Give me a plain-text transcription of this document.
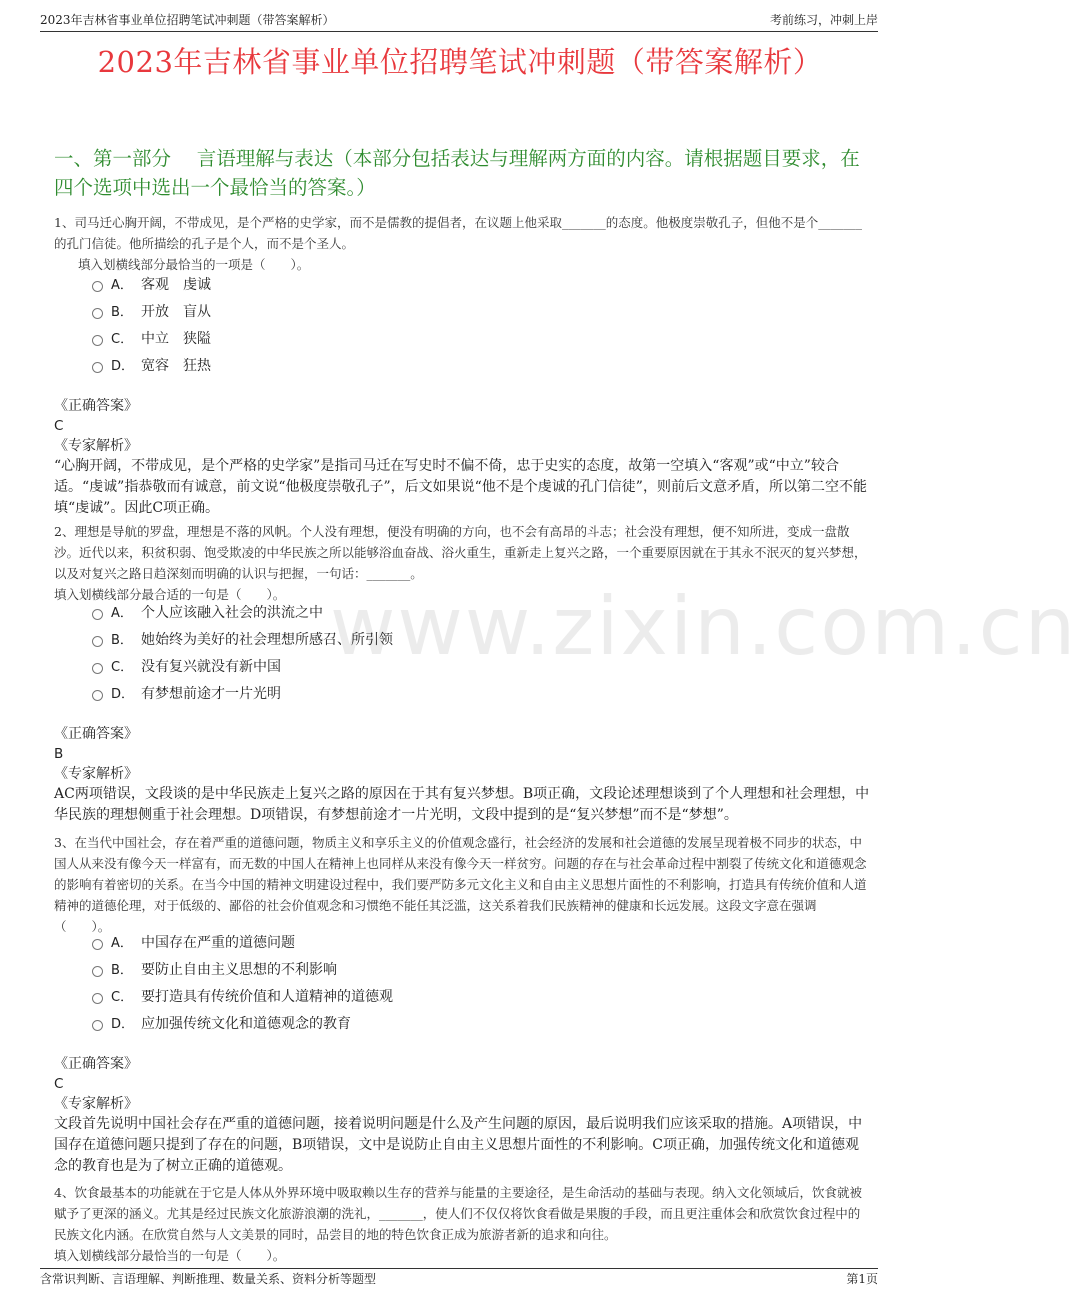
2023年吉林省事业单位招聘笔试冲刺题（带答案解析）	考前练习，冲刺上岸
2023年吉林省事业单位招聘笔试冲刺题（带答案解析）
一、第一部分　 言语理解与表达（本部分包括表达与理解两方面的内容。请根据题目要求，在四个选项中选出一个最恰当的答案。）
www.zixin.com.cn
1、司马迁心胸开阔，不带成见，是个严格的史学家，而不是儒教的提倡者，在议题上他采取_______的态度。他极度崇敬孔子，但他不是个_______的孔门信徒。他所描绘的孔子是个人，而不是个圣人。
填入划横线部分最恰当的一项是（　　）。
A． 客观　虔诚
B． 开放　盲从
C． 中立　狭隘
D． 宽容　狂热
《正确答案》
C
《专家解析》
“心胸开阔，不带成见，是个严格的史学家”是指司马迁在写史时不偏不倚，忠于史实的态度，故第一空填入“客观”或“中立”较合适。“虔诚”指恭敬而有诚意，前文说“他极度崇敬孔子”，后文如果说“他不是个虔诚的孔门信徒”，则前后文意矛盾，所以第二空不能填“虔诚”。因此C项正确。
2、理想是导航的罗盘，理想是不落的风帆。个人没有理想，便没有明确的方向，也不会有高昂的斗志；社会没有理想，便不知所进，变成一盘散沙。近代以来，积贫积弱、饱受欺凌的中华民族之所以能够浴血奋战、浴火重生，重新走上复兴之路，一个重要原因就在于其永不泯灭的复兴梦想，以及对复兴之路日趋深刻而明确的认识与把握，一句话：_______。
填入划横线部分最合适的一句是（　　）。
A． 个人应该融入社会的洪流之中
B． 她始终为美好的社会理想所感召、所引领
C． 没有复兴就没有新中国
D． 有梦想前途才一片光明
《正确答案》
B
《专家解析》
AC两项错误，文段谈的是中华民族走上复兴之路的原因在于其有复兴梦想。B项正确，文段论述理想谈到了个人理想和社会理想，中华民族的理想侧重于社会理想。D项错误，有梦想前途才一片光明，文段中提到的是“复兴梦想”而不是“梦想”。
3、在当代中国社会，存在着严重的道德问题，物质主义和享乐主义的价值观念盛行，社会经济的发展和社会道德的发展呈现着极不同步的状态，中国人从来没有像今天一样富有，而无数的中国人在精神上也同样从来没有像今天一样贫穷。问题的存在与社会革命过程中割裂了传统文化和道德观念的影响有着密切的关系。在当今中国的精神文明建设过程中，我们要严防多元文化主义和自由主义思想片面性的不利影响，打造具有传统价值和人道精神的道德伦理，对于低级的、鄙俗的社会价值观念和习惯绝不能任其泛滥，这关系着我们民族精神的健康和长远发展。这段文字意在强调（　　）。
A． 中国存在严重的道德问题
B． 要防止自由主义思想的不利影响
C． 要打造具有传统价值和人道精神的道德观
D． 应加强传统文化和道德观念的教育
《正确答案》
C
《专家解析》
文段首先说明中国社会存在严重的道德问题，接着说明问题是什么及产生问题的原因，最后说明我们应该采取的措施。A项错误，中国存在道德问题只提到了存在的问题，B项错误，文中是说防止自由主义思想片面性的不利影响。C项正确，加强传统文化和道德观念的教育也是为了树立正确的道德观。
4、饮食最基本的功能就在于它是人体从外界环境中吸取赖以生存的营养与能量的主要途径，是生命活动的基础与表现。纳入文化领域后，饮食就被赋予了更深的涵义。尤其是经过民族文化旅游浪潮的洗礼，_______，使人们不仅仅将饮食看做是果腹的手段，而且更注重体会和欣赏饮食过程中的民族文化内涵。在欣赏自然与人文美景的同时，品尝目的地的特色饮食正成为旅游者新的追求和向往。
填入划横线部分最恰当的一句是（　　）。
含常识判断、言语理解、判断推理、数量关系、资料分析等题型	第1页
